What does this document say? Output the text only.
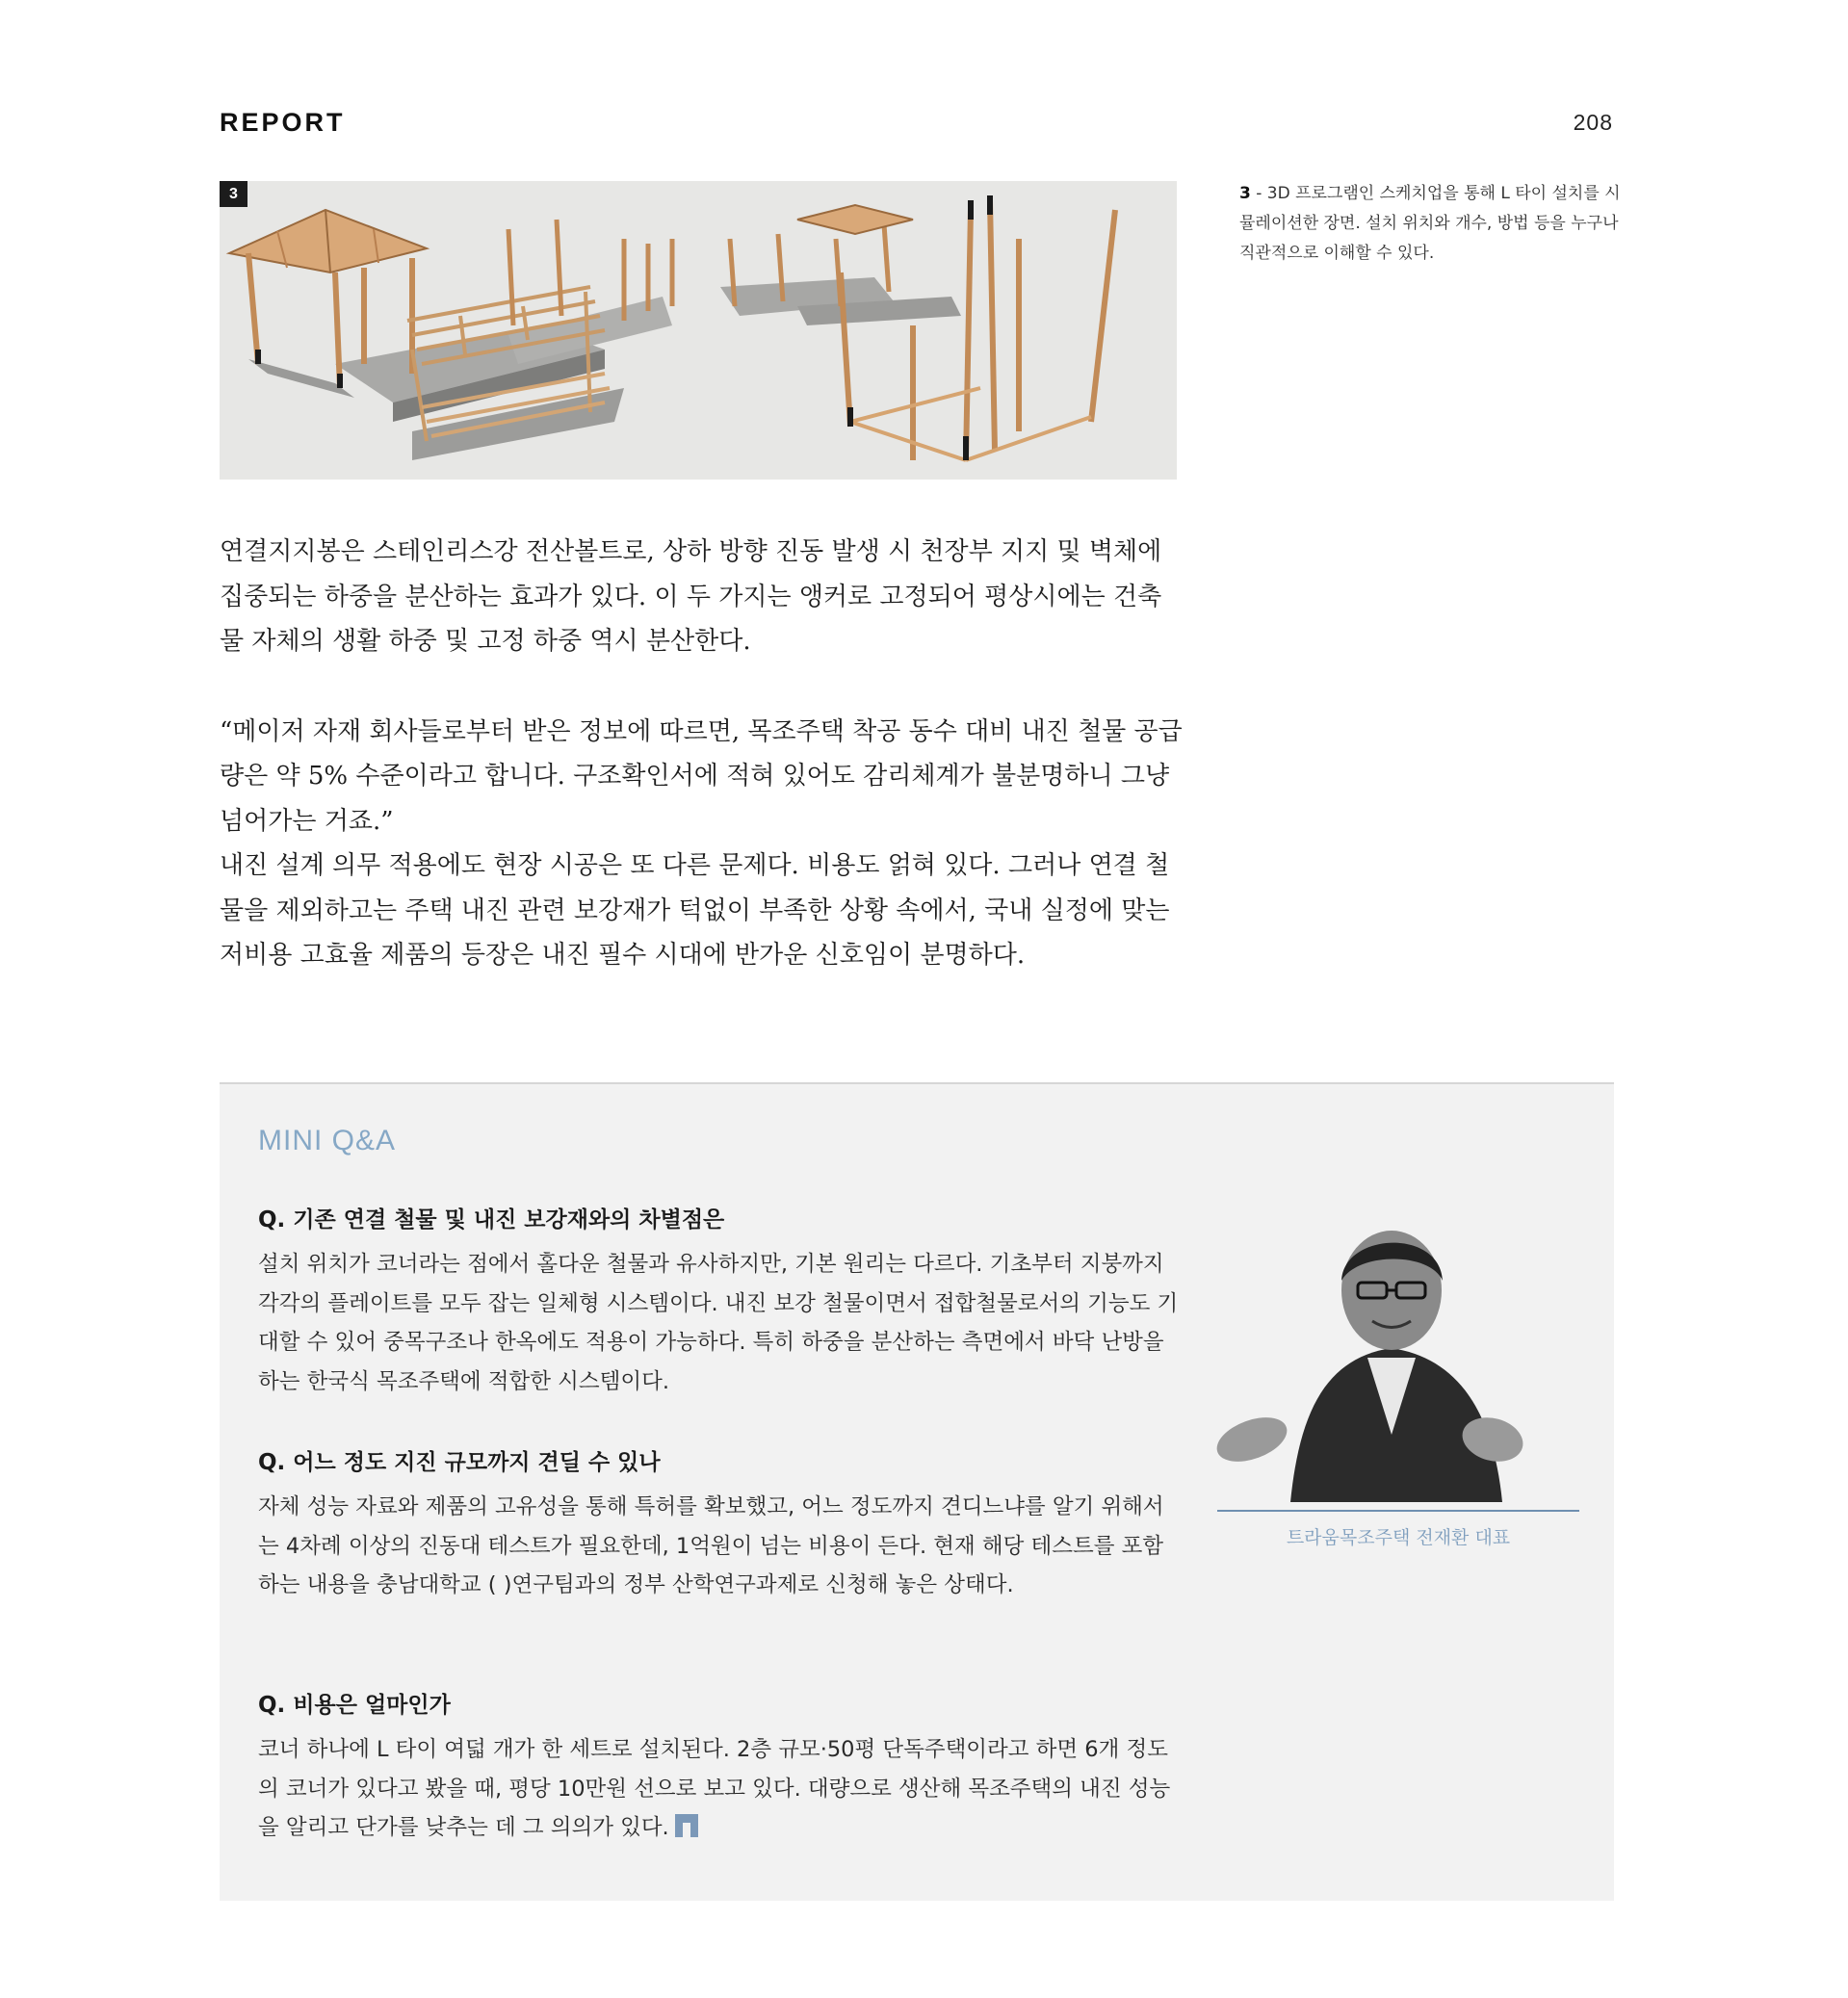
REPORT	208
3	3 - 3D 프로그램인 스케치업을 통해 L 타이 설치를 시뮬레이션한 장면. 설치 위치와 개수, 방법 등을 누구나 직관적으로 이해할 수 있다.

연결지지봉은 스테인리스강 전산볼트로, 상하 방향 진동 발생 시 천장부 지지 및 벽체에 집중되는 하중을 분산하는 효과가 있다. 이 두 가지는 앵커로 고정되어 평상시에는 건축물 자체의 생활 하중 및 고정 하중 역시 분산한다.

“메이저 자재 회사들로부터 받은 정보에 따르면, 목조주택 착공 동수 대비 내진 철물 공급량은 약 5% 수준이라고 합니다. 구조확인서에 적혀 있어도 감리체계가 불분명하니 그냥 넘어가는 거죠.”

내진 설계 의무 적용에도 현장 시공은 또 다른 문제다. 비용도 얽혀 있다. 그러나 연결 철물을 제외하고는 주택 내진 관련 보강재가 턱없이 부족한 상황 속에서, 국내 실정에 맞는 저비용 고효율 제품의 등장은 내진 필수 시대에 반가운 신호임이 분명하다.

MINI Q&A

Q. 기존 연결 철물 및 내진 보강재와의 차별점은

설치 위치가 코너라는 점에서 홀다운 철물과 유사하지만, 기본 원리는 다르다. 기초부터 지붕까지 각각의 플레이트를 모두 잡는 일체형 시스템이다. 내진 보강 철물이면서 접합철물로서의 기능도 기대할 수 있어 중목구조나 한옥에도 적용이 가능하다. 특히 하중을 분산하는 측면에서 바닥 난방을 하는 한국식 목조주택에 적합한 시스템이다.

Q. 어느 정도 지진 규모까지 견딜 수 있나

자체 성능 자료와 제품의 고유성을 통해 특허를 확보했고, 어느 정도까지 견디느냐를 알기 위해서는 4차례 이상의 진동대 테스트가 필요한데, 1억원이 넘는 비용이 든다. 현재 해당 테스트를 포함하는 내용을 충남대학교 ( )연구팀과의 정부 산학연구과제로 신청해 놓은 상태다.

Q. 비용은 얼마인가

코너 하나에 L 타이 여덟 개가 한 세트로 설치된다. 2층 규모·50평 단독주택이라고 하면 6개 정도의 코너가 있다고 봤을 때, 평당 10만원 선으로 보고 있다. 대량으로 생산해 목조주택의 내진 성능을 알리고 단가를 낮추는 데 그 의의가 있다.

트라움목조주택 전재환 대표
